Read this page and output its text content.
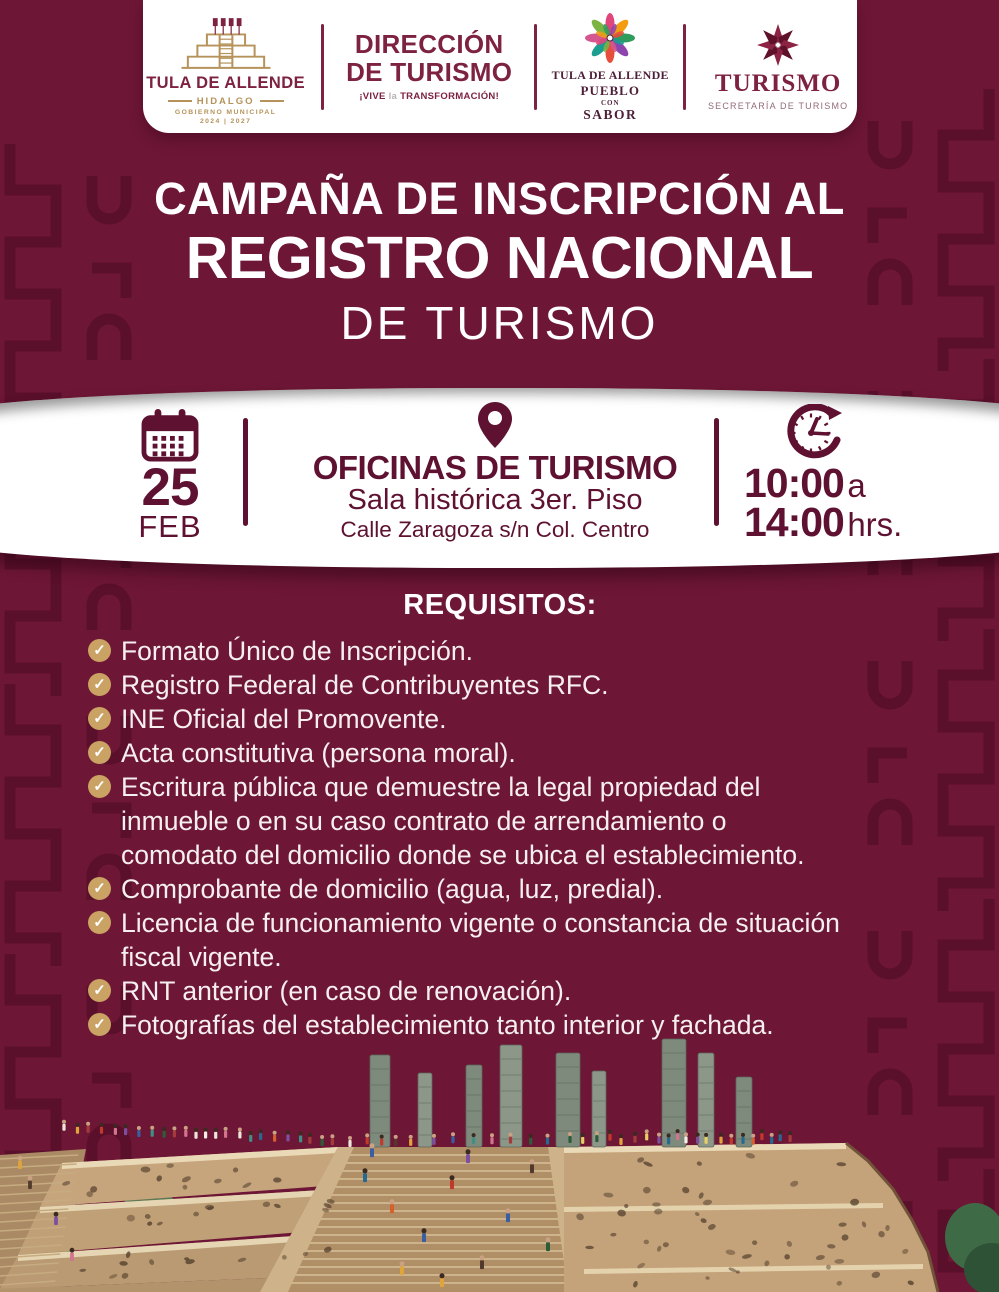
TULA DE ALLENDE
HIDALGO
GOBIERNO MUNICIPAL
2024 | 2027
DIRECCIÓN
DE TURISMO
¡VIVE la TRANSFORMACIÓN!
TULA DE ALLENDE
PUEBLO
CON
SABOR
TURISMO
SECRETARÍA DE TURISMO
CAMPAÑA DE INSCRIPCIÓN AL
REGISTRO NACIONAL
DE TURISMO
25
FEB
OFICINAS DE TURISMO
Sala histórica 3er. Piso
Calle Zaragoza s/n Col. Centro
10:00 a
14:00 hrs.
REQUISITOS:
✓ Formato Único de Inscripción.
✓ Registro Federal de Contribuyentes RFC.
✓ INE Oficial del Promovente.
✓ Acta constitutiva (persona moral).
✓ Escritura pública que demuestre la legal propiedad del inmueble o en su caso contrato de arrendamiento o comodato del domicilio donde se ubica el establecimiento.
✓ Comprobante de domicilio (agua, luz, predial).
✓ Licencia de funcionamiento vigente o constancia de situación fiscal vigente.
✓ RNT anterior (en caso de renovación).
✓ Fotografías del establecimiento tanto interior y fachada.
